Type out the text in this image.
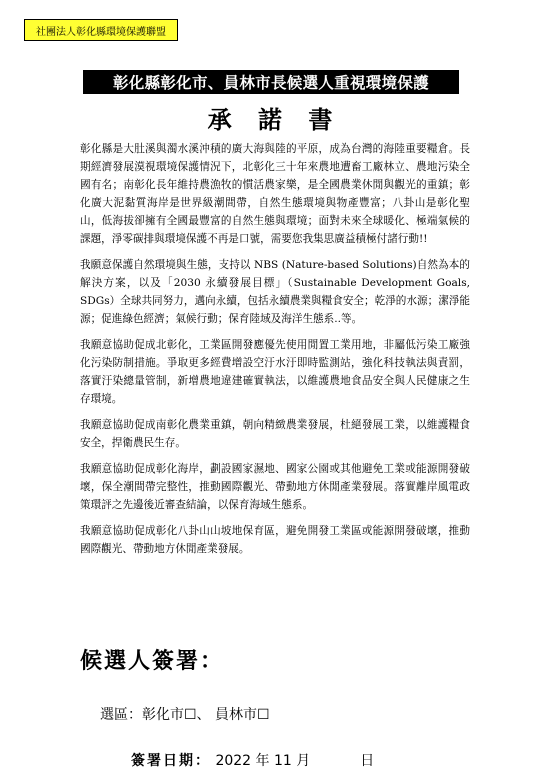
社團法人彰化縣環境保護聯盟
彰化縣彰化市、員林市長候選人重視環境保護
承 諾 書

彰化縣是大肚溪與濁水溪沖積的廣大海與陸的平原，成為台灣的海陸重要糧倉。長期經濟發展漠視環境保護情況下，北彰化三十年來農地遭畜工廠林立、農地污染全國有名；南彰化長年維持農漁牧的慣活農家樂，是全國農業休閒與觀光的重鎮；彰化廣大泥黏質海岸是世界級潮間帶，自然生態環境與物產豐富；八卦山是彰化聖山，低海拔卻擁有全國最豐富的自然生態與環境；面對未來全球暖化、極端氣候的課題，淨零碳排與環境保護不再是口號，需要您我集思廣益積極付諸行動!!

我願意保護自然環境與生態，支持以 NBS (Nature-based Solutions)自然為本的解決方案，以及「2030 永續發展目標」（Sustainable Development Goals, SDGs）全球共同努力，邁向永續，包括永續農業與糧食安全；乾淨的水源；潔淨能源；促進綠色經濟；氣候行動；保育陸域及海洋生態系..等。

我願意協助促成北彰化，工業區開發應優先使用閒置工業用地，非屬低污染工廠強化污染防制措施。爭取更多經費增設空汙水汙即時監測站，強化科技執法與責罰，落實汙染總量管制，新增農地違建確實執法，以維護農地食品安全與人民健康之生存環境。

我願意協助促成南彰化農業重鎮，朝向精緻農業發展，杜絕發展工業，以維護糧食安全，捍衛農民生存。

我願意協助促成彰化海岸，劃設國家濕地、國家公園或其他避免工業或能源開發破壞，保全潮間帶完整性，推動國際觀光、帶動地方休閒產業發展。落實離岸風電政策環評之先邊後近審查結論，以保育海域生態系。

我願意協助促成彰化八卦山山坡地保育區，避免開發工業區或能源開發破壞，推動國際觀光、帶動地方休閒產業發展。

候選人簽署：
選區：彰化市☐、 員林市☐
簽署日期： 2022 年 11 月	日
